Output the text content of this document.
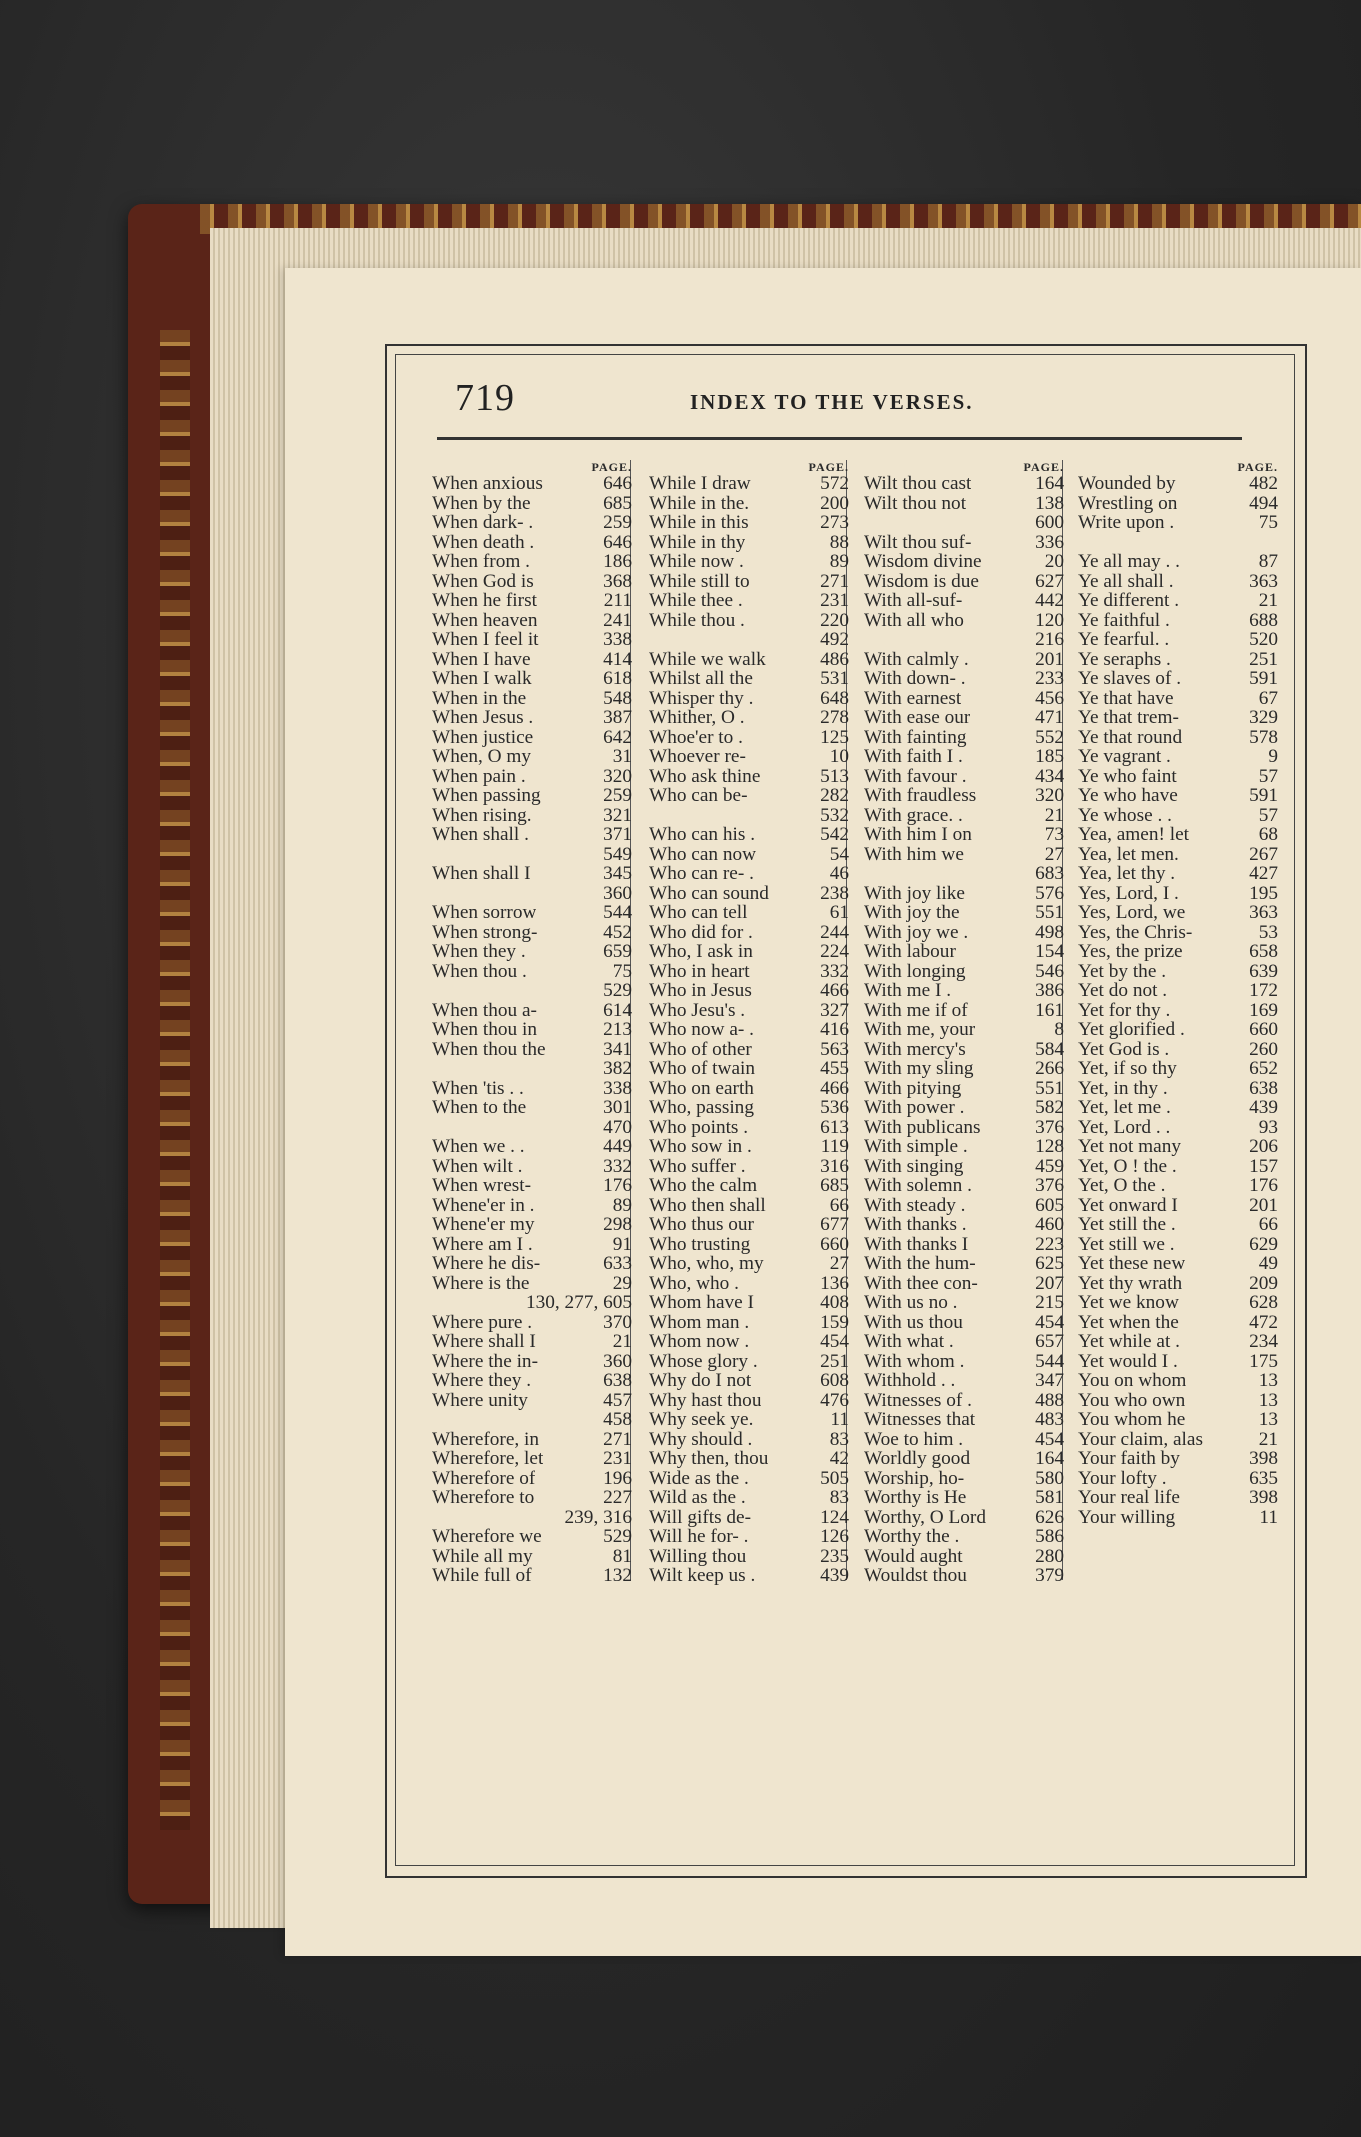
719	INDEX TO THE VERSES.
PAGE.
When anxious	646
When by the	685
When dark- .	259
When death .	646
When from .	186
When God is	368
When he first	211
When heaven	241
When I feel it	338
When I have	414
When I walk	618
When in the	548
When Jesus .	387
When justice	642
When, O my	31
When pain .	320
When passing	259
When rising.	321
When shall .	371
549
When shall I	345
360
When sorrow	544
When strong-	452
When they .	659
When thou .	75
529
When thou a-	614
When thou in	213
When thou the	341
382
When 'tis . .	338
When to the	301
470
When we . .	449
When wilt .	332
When wrest-	176
Whene'er in .	89
Whene'er my	298
Where am I .	91
Where he dis-	633
Where is the	29
130, 277, 605
Where pure .	370
Where shall I	21
Where the in-	360
Where they .	638
Where unity	457
458
Wherefore, in	271
Wherefore, let	231
Wherefore of	196
Wherefore to	227
239, 316
Wherefore we	529
While all my	81
While full of	132
PAGE.
While I draw	572
While in the.	200
While in this	273
While in thy	88
While now .	89
While still to	271
While thee .	231
While thou .	220
492
While we walk	486
Whilst all the	531
Whisper thy .	648
Whither, O .	278
Whoe'er to .	125
Whoever re-	10
Who ask thine	513
Who can be-	282
532
Who can his .	542
Who can now	54
Who can re- .	46
Who can sound	238
Who can tell	61
Who did for .	244
Who, I ask in	224
Who in heart	332
Who in Jesus	466
Who Jesu's .	327
Who now a- .	416
Who of other	563
Who of twain	455
Who on earth	466
Who, passing	536
Who points .	613
Who sow in .	119
Who suffer .	316
Who the calm	685
Who then shall	66
Who thus our	677
Who trusting	660
Who, who, my	27
Who, who .	136
Whom have I	408
Whom man .	159
Whom now .	454
Whose glory .	251
Why do I not	608
Why hast thou	476
Why seek ye.	11
Why should .	83
Why then, thou	42
Wide as the .	505
Wild as the .	83
Will gifts de-	124
Will he for- .	126
Willing thou	235
Wilt keep us .	439
PAGE.
Wilt thou cast	164
Wilt thou not	138
600
Wilt thou suf-	336
Wisdom divine	20
Wisdom is due	627
With all-suf-	442
With all who	120
216
With calmly .	201
With down- .	233
With earnest	456
With ease our	471
With fainting	552
With faith I .	185
With favour .	434
With fraudless	320
With grace. .	21
With him I on	73
With him we	27
683
With joy like	576
With joy the	551
With joy we .	498
With labour	154
With longing	546
With me I .	386
With me if of	161
With me, your	8
With mercy's	584
With my sling	266
With pitying	551
With power .	582
With publicans	376
With simple .	128
With singing	459
With solemn .	376
With steady .	605
With thanks .	460
With thanks I	223
With the hum-	625
With thee con-	207
With us no .	215
With us thou	454
With what .	657
With whom .	544
Withhold . .	347
Witnesses of .	488
Witnesses that	483
Woe to him .	454
Worldly good	164
Worship, ho-	580
Worthy is He	581
Worthy, O Lord	626
Worthy the .	586
Would aught	280
Wouldst thou	379
PAGE.
Wounded by	482
Wrestling on	494
Write upon .	75
Ye all may . .	87
Ye all shall .	363
Ye different .	21
Ye faithful .	688
Ye fearful. .	520
Ye seraphs .	251
Ye slaves of .	591
Ye that have	67
Ye that trem-	329
Ye that round	578
Ye vagrant .	9
Ye who faint	57
Ye who have	591
Ye whose . .	57
Yea, amen! let	68
Yea, let men.	267
Yea, let thy .	427
Yes, Lord, I .	195
Yes, Lord, we	363
Yes, the Chris-	53
Yes, the prize	658
Yet by the .	639
Yet do not .	172
Yet for thy .	169
Yet glorified .	660
Yet God is .	260
Yet, if so thy	652
Yet, in thy .	638
Yet, let me .	439
Yet, Lord . .	93
Yet not many	206
Yet, O ! the .	157
Yet, O the .	176
Yet onward I	201
Yet still the .	66
Yet still we .	629
Yet these new	49
Yet thy wrath	209
Yet we know	628
Yet when the	472
Yet while at .	234
Yet would I .	175
You on whom	13
You who own	13
You whom he	13
Your claim, alas	21
Your faith by	398
Your lofty .	635
Your real life	398
Your willing	11
